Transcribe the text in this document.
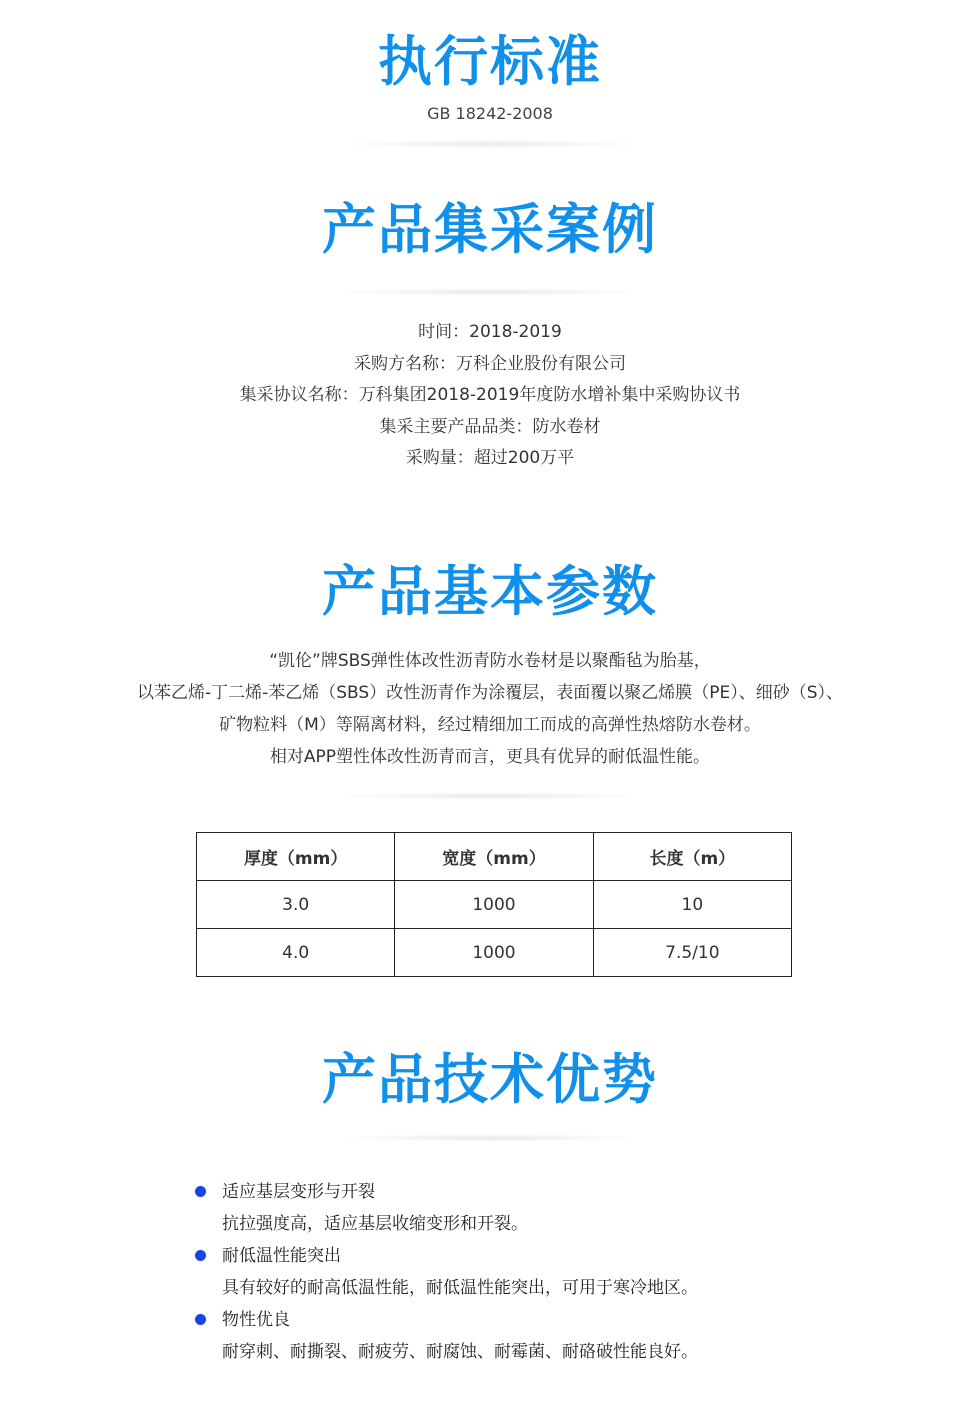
执行标准
GB 18242-2008
产品集采案例
时间：2018-2019
采购方名称：万科企业股份有限公司
集采协议名称：万科集团2018-2019年度防水增补集中采购协议书
集采主要产品品类：防水卷材
采购量：超过200万平
产品基本参数
“凯伦”牌SBS弹性体改性沥青防水卷材是以聚酯毡为胎基，
以苯乙烯-丁二烯-苯乙烯（SBS）改性沥青作为涂覆层，表面覆以聚乙烯膜（PE）、细砂（S）、
矿物粒料（M）等隔离材料，经过精细加工而成的高弹性热熔防水卷材。
相对APP塑性体改性沥青而言，更具有优异的耐低温性能。
厚度（mm）	宽度（mm）	长度（m）
3.0	1000	10
4.0	1000	7.5/10
产品技术优势
适应基层变形与开裂
抗拉强度高，适应基层收缩变形和开裂。
耐低温性能突出
具有较好的耐高低温性能，耐低温性能突出，可用于寒冷地区。
物性优良
耐穿刺、耐撕裂、耐疲劳、耐腐蚀、耐霉菌、耐硌破性能良好。
